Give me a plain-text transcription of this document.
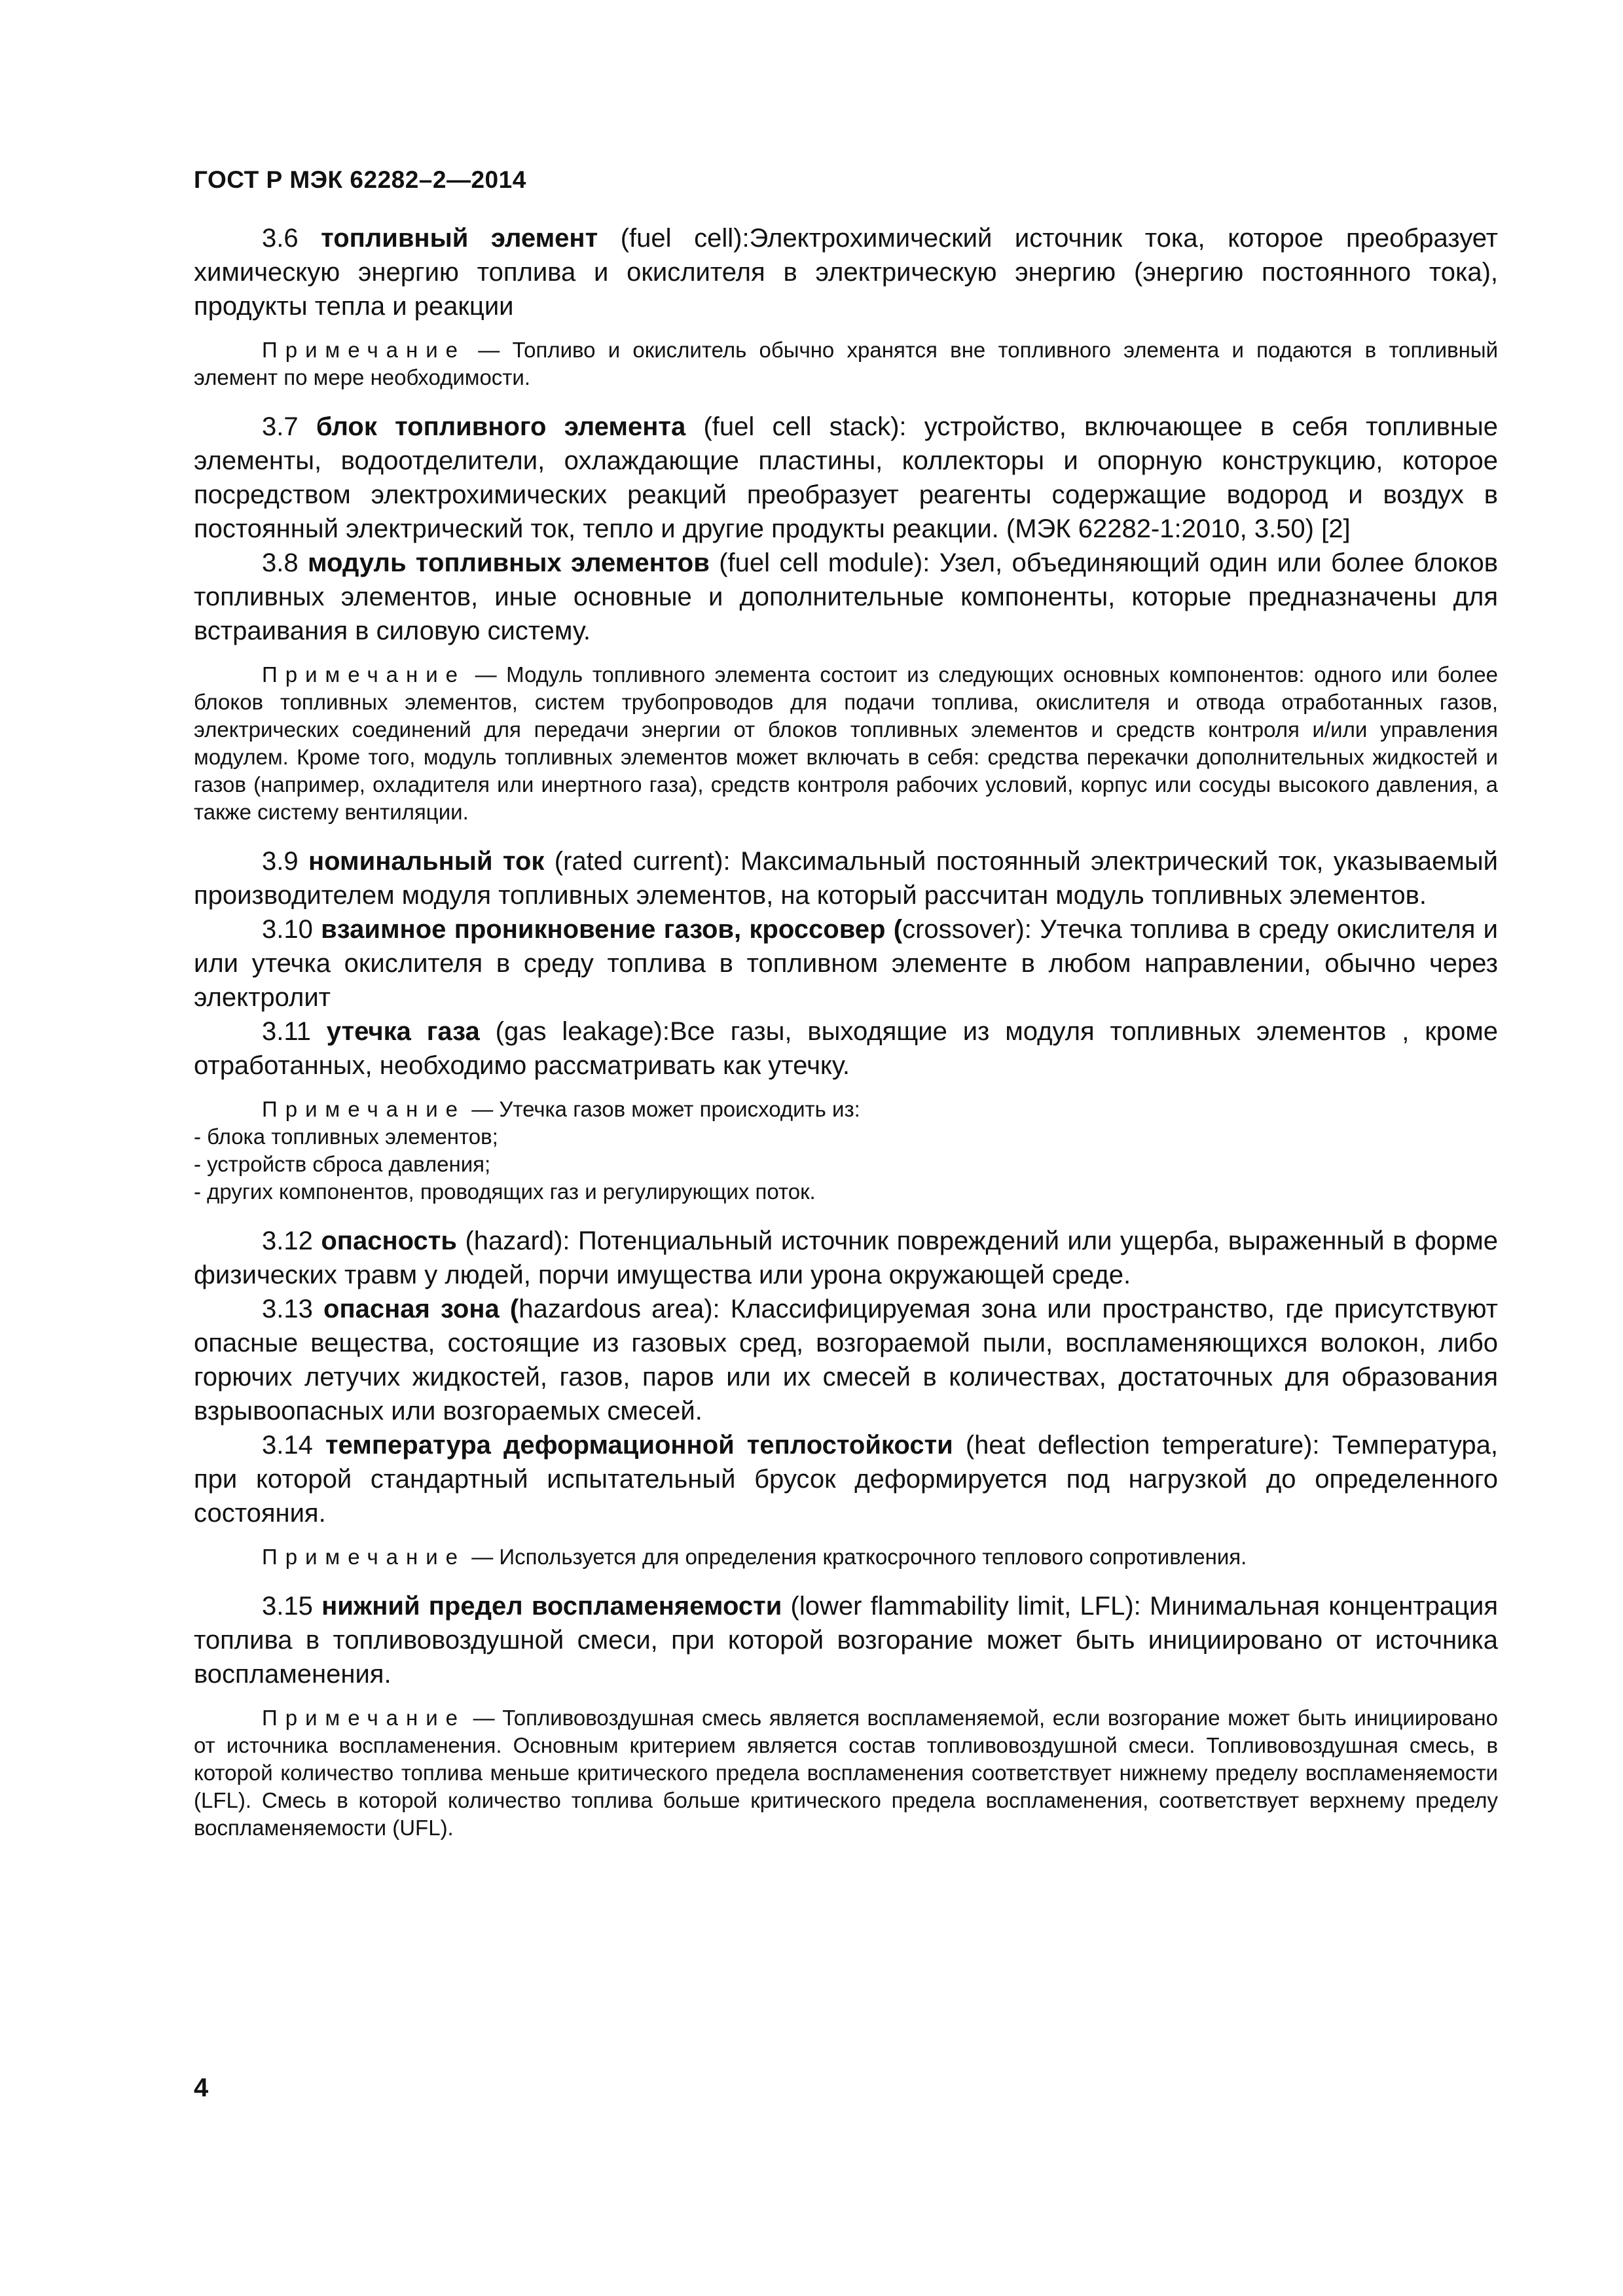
ГОСТ Р МЭК 62282–2—2014

3.6 топливный элемент (fuel cell):Электрохимический источник тока, которое преобразует химическую энергию топлива и окислителя в электрическую энергию (энергию постоянного тока), продукты тепла и реакции

Примечание — Топливо и окислитель обычно хранятся вне топливного элемента и подаются в топливный элемент по мере необходимости.

3.7 блок топливного элемента (fuel cell stack): устройство, включающее в себя топливные элементы, водоотделители, охлаждающие пластины, коллекторы и опорную конструкцию, которое посредством электрохимических реакций преобразует реагенты содержащие водород и воздух в постоянный электрический ток, тепло и другие продукты реакции. (МЭК 62282-1:2010, 3.50) [2]

3.8 модуль топливных элементов (fuel cell module): Узел, объединяющий один или более блоков топливных элементов, иные основные и дополнительные компоненты, которые предназначены для встраивания в силовую систему.

Примечание — Модуль топливного элемента состоит из следующих основных компонентов: одного или более блоков топливных элементов, систем трубопроводов для подачи топлива, окислителя и отвода отработанных газов, электрических соединений для передачи энергии от блоков топливных элементов и средств контроля и/или управления модулем. Кроме того, модуль топливных элементов может включать в себя: средства перекачки дополнительных жидкостей и газов (например, охладителя или инертного газа), средств контроля рабочих условий, корпус или сосуды высокого давления, а также систему вентиляции.

3.9 номинальный ток (rated current): Максимальный постоянный электрический ток, указываемый производителем модуля топливных элементов, на который рассчитан модуль топливных элементов.

3.10 взаимное проникновение газов, кроссовер (crossover): Утечка топлива в среду окислителя и или утечка окислителя в среду топлива в топливном элементе в любом направлении, обычно через электролит

3.11 утечка газа (gas leakage):Все газы, выходящие из модуля топливных элементов , кроме отработанных, необходимо рассматривать как утечку.

Примечание — Утечка газов может происходить из:

- блока топливных элементов;
- устройств сброса давления;
- других компонентов, проводящих газ и регулирующих поток.

3.12 опасность (hazard): Потенциальный источник повреждений или ущерба, выраженный в форме физических травм у людей, порчи имущества или урона окружающей среде.

3.13 опасная зона (hazardous area): Классифицируемая зона или пространство, где присутствуют опасные вещества, состоящие из газовых сред, возгораемой пыли, воспламеняющихся волокон, либо горючих летучих жидкостей, газов, паров или их смесей в количествах, достаточных для образования взрывоопасных или возгораемых смесей.

3.14 температура деформационной теплостойкости (heat deflection temperature): Температура, при которой стандартный испытательный брусок деформируется под нагрузкой до определенного состояния.

Примечание — Используется для определения краткосрочного теплового сопротивления.

3.15 нижний предел воспламеняемости (lower flammability limit, LFL): Минимальная концентрация топлива в топливовоздушной смеси, при которой возгорание может быть инициировано от источника воспламенения.

Примечание — Топливовоздушная смесь является воспламеняемой, если возгорание может быть инициировано от источника воспламенения. Основным критерием является состав топливовоздушной смеси. Топливовоздушная смесь, в которой количество топлива меньше критического предела воспламенения соответствует нижнему пределу воспламеняемости (LFL). Смесь в которой количество топлива больше критического предела воспламенения, соответствует верхнему пределу воспламеняемости (UFL).

4
